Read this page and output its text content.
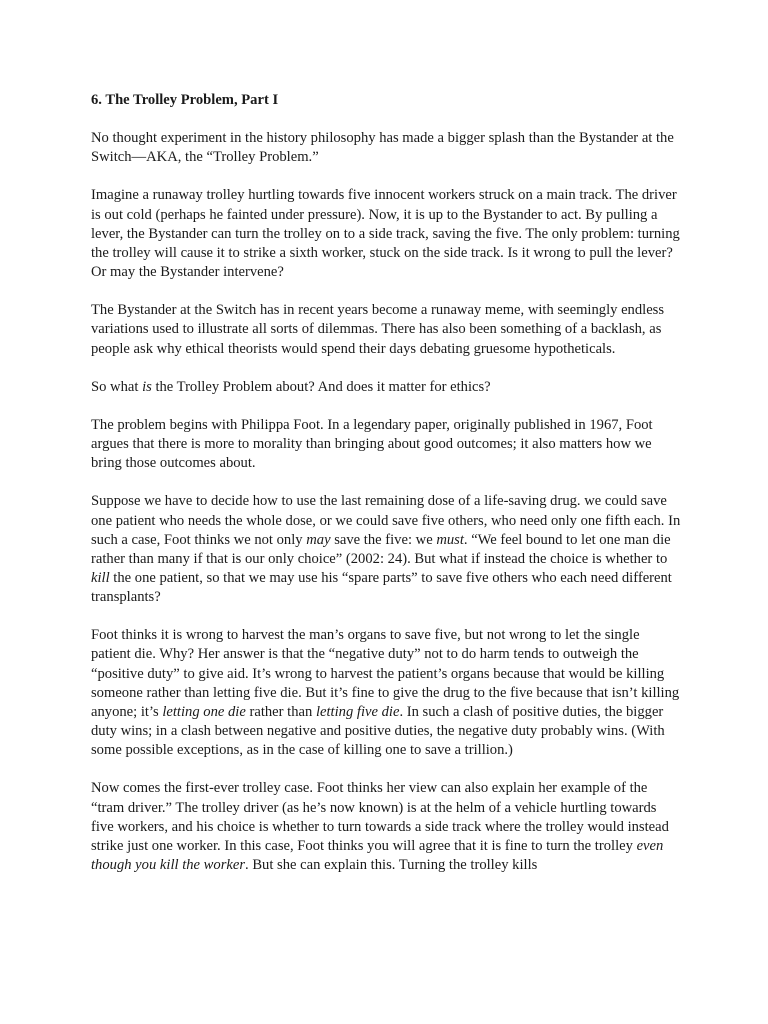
6. The Trolley Problem, Part I

No thought experiment in the history philosophy has made a bigger splash than the Bystander at the Switch—AKA, the “Trolley Problem.”

Imagine a runaway trolley hurtling towards five innocent workers struck on a main track. The driver is out cold (perhaps he fainted under pressure). Now, it is up to the Bystander to act. By pulling a lever, the Bystander can turn the trolley on to a side track, saving the five. The only problem: turning the trolley will cause it to strike a sixth worker, stuck on the side track. Is it wrong to pull the lever? Or may the Bystander intervene?

The Bystander at the Switch has in recent years become a runaway meme, with seemingly endless variations used to illustrate all sorts of dilemmas. There has also been something of a backlash, as people ask why ethical theorists would spend their days debating gruesome hypotheticals.

So what is the Trolley Problem about? And does it matter for ethics?

The problem begins with Philippa Foot. In a legendary paper, originally published in 1967, Foot argues that there is more to morality than bringing about good outcomes; it also matters how we bring those outcomes about.

Suppose we have to decide how to use the last remaining dose of a life-saving drug. we could save one patient who needs the whole dose, or we could save five others, who need only one fifth each. In such a case, Foot thinks we not only may save the five: we must. “We feel bound to let one man die rather than many if that is our only choice” (2002: 24). But what if instead the choice is whether to kill the one patient, so that we may use his “spare parts” to save five others who each need different transplants?

Foot thinks it is wrong to harvest the man’s organs to save five, but not wrong to let the single patient die. Why? Her answer is that the “negative duty” not to do harm tends to outweigh the “positive duty” to give aid. It’s wrong to harvest the patient’s organs because that would be killing someone rather than letting five die. But it’s fine to give the drug to the five because that isn’t killing anyone; it’s letting one die rather than letting five die. In such a clash of positive duties, the bigger duty wins; in a clash between negative and positive duties, the negative duty probably wins. (With some possible exceptions, as in the case of killing one to save a trillion.)

Now comes the first-ever trolley case. Foot thinks her view can also explain her example of the “tram driver.” The trolley driver (as he’s now known) is at the helm of a vehicle hurtling towards five workers, and his choice is whether to turn towards a side track where the trolley would instead strike just one worker. In this case, Foot thinks you will agree that it is fine to turn the trolley even though you kill the worker. But she can explain this. Turning the trolley kills
